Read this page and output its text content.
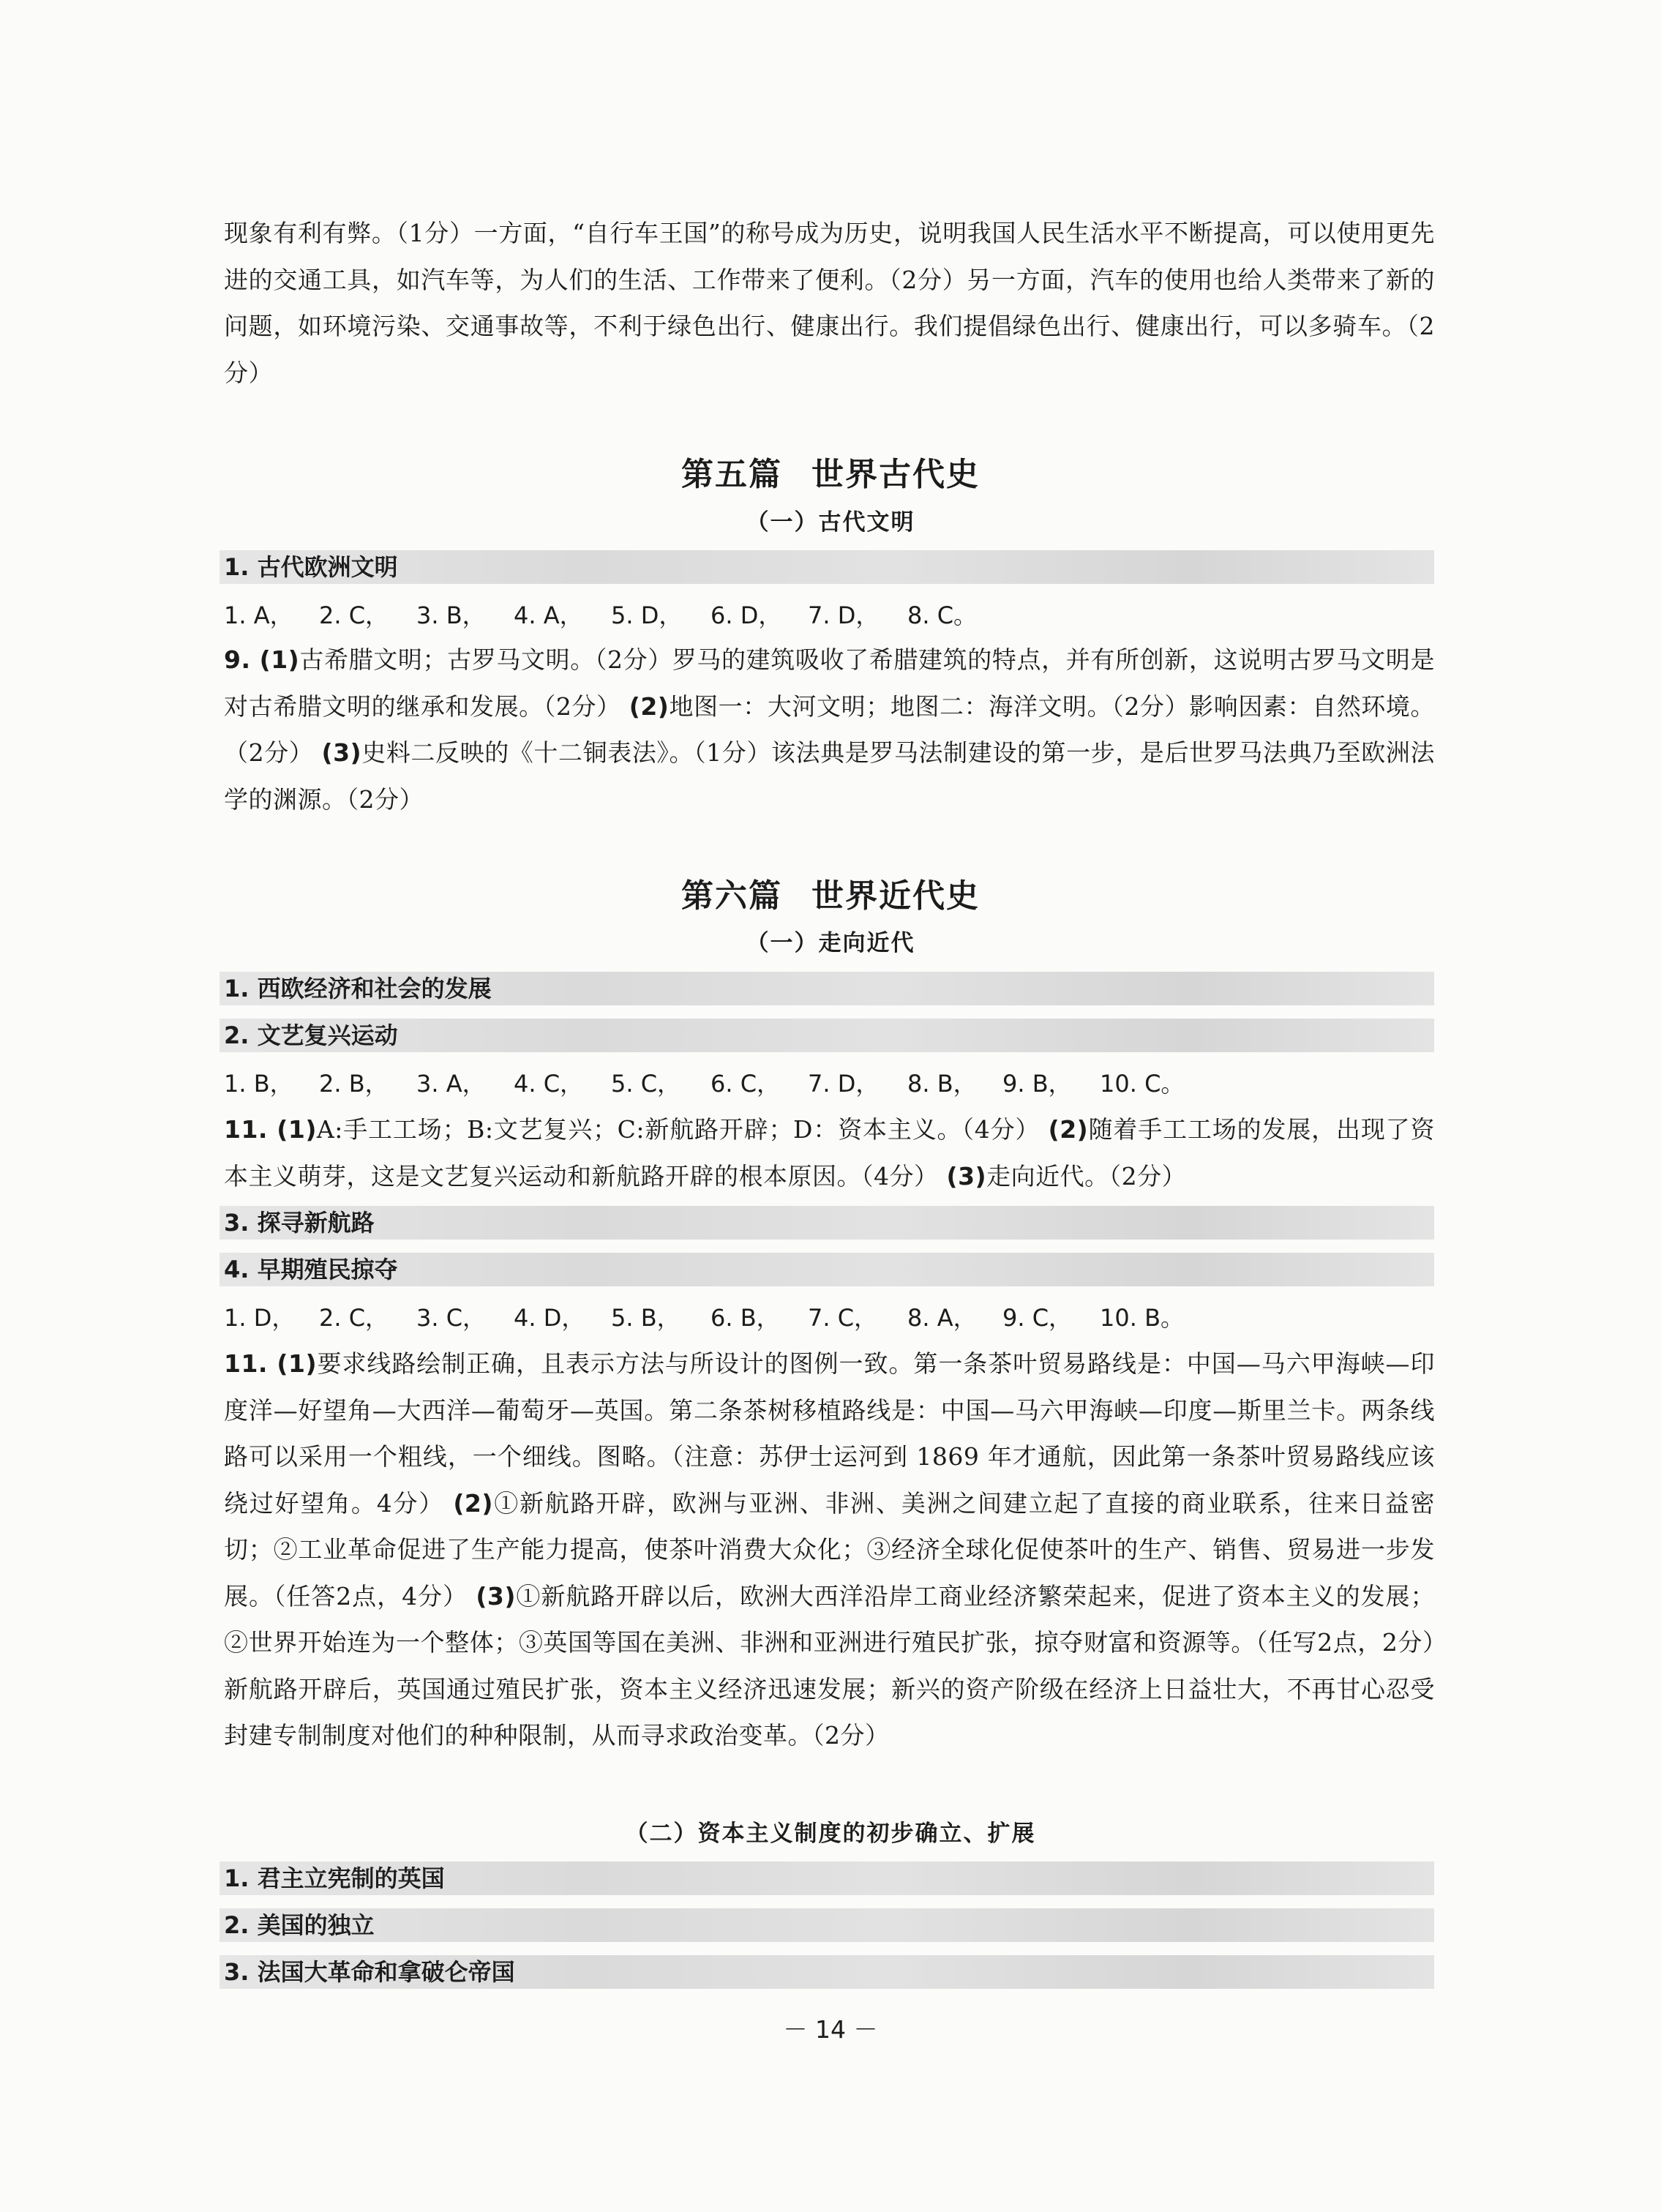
现象有利有弊。（1分）一方面，“自行车王国”的称号成为历史，说明我国人民生活水平不断提高，可以使用更先进的交通工具，如汽车等，为人们的生活、工作带来了便利。（2分）另一方面，汽车的使用也给人类带来了新的问题，如环境污染、交通事故等，不利于绿色出行、健康出行。我们提倡绿色出行、健康出行，可以多骑车。（2分）

第五篇 世界古代史
（一）古代文明
1. 古代欧洲文明
1. A， 2. C， 3. B， 4. A， 5. D， 6. D， 7. D， 8. C。

9. (1)古希腊文明；古罗马文明。（2分）罗马的建筑吸收了希腊建筑的特点，并有所创新，这说明古罗马文明是对古希腊文明的继承和发展。（2分） (2)地图一：大河文明；地图二：海洋文明。（2分）影响因素：自然环境。（2分） (3)史料二反映的《十二铜表法》。（1分）该法典是罗马法制建设的第一步，是后世罗马法典乃至欧洲法学的渊源。（2分）

第六篇 世界近代史
（一）走向近代
1. 西欧经济和社会的发展
2. 文艺复兴运动
1. B， 2. B， 3. A， 4. C， 5. C， 6. C， 7. D， 8. B， 9. B， 10. C。

11. (1)A:手工工场；B:文艺复兴；C:新航路开辟；D：资本主义。（4分） (2)随着手工工场的发展，出现了资本主义萌芽，这是文艺复兴运动和新航路开辟的根本原因。（4分） (3)走向近代。（2分）

3. 探寻新航路
4. 早期殖民掠夺
1. D， 2. C， 3. C， 4. D， 5. B， 6. B， 7. C， 8. A， 9. C， 10. B。

11. (1)要求线路绘制正确，且表示方法与所设计的图例一致。第一条茶叶贸易路线是：中国—马六甲海峡—印度洋—好望角—大西洋—葡萄牙—英国。第二条茶树移植路线是：中国—马六甲海峡—印度—斯里兰卡。两条线路可以采用一个粗线，一个细线。图略。（注意：苏伊士运河到 1869 年才通航，因此第一条茶叶贸易路线应该绕过好望角。4分） (2)①新航路开辟，欧洲与亚洲、非洲、美洲之间建立起了直接的商业联系，往来日益密切；②工业革命促进了生产能力提高，使茶叶消费大众化；③经济全球化促使茶叶的生产、销售、贸易进一步发展。（任答2点，4分） (3)①新航路开辟以后，欧洲大西洋沿岸工商业经济繁荣起来，促进了资本主义的发展；②世界开始连为一个整体；③英国等国在美洲、非洲和亚洲进行殖民扩张，掠夺财富和资源等。（任写2点，2分）新航路开辟后，英国通过殖民扩张，资本主义经济迅速发展；新兴的资产阶级在经济上日益壮大，不再甘心忍受封建专制制度对他们的种种限制，从而寻求政治变革。（2分）

（二）资本主义制度的初步确立、扩展
1. 君主立宪制的英国
2. 美国的独立
3. 法国大革命和拿破仑帝国
－ 14 －
